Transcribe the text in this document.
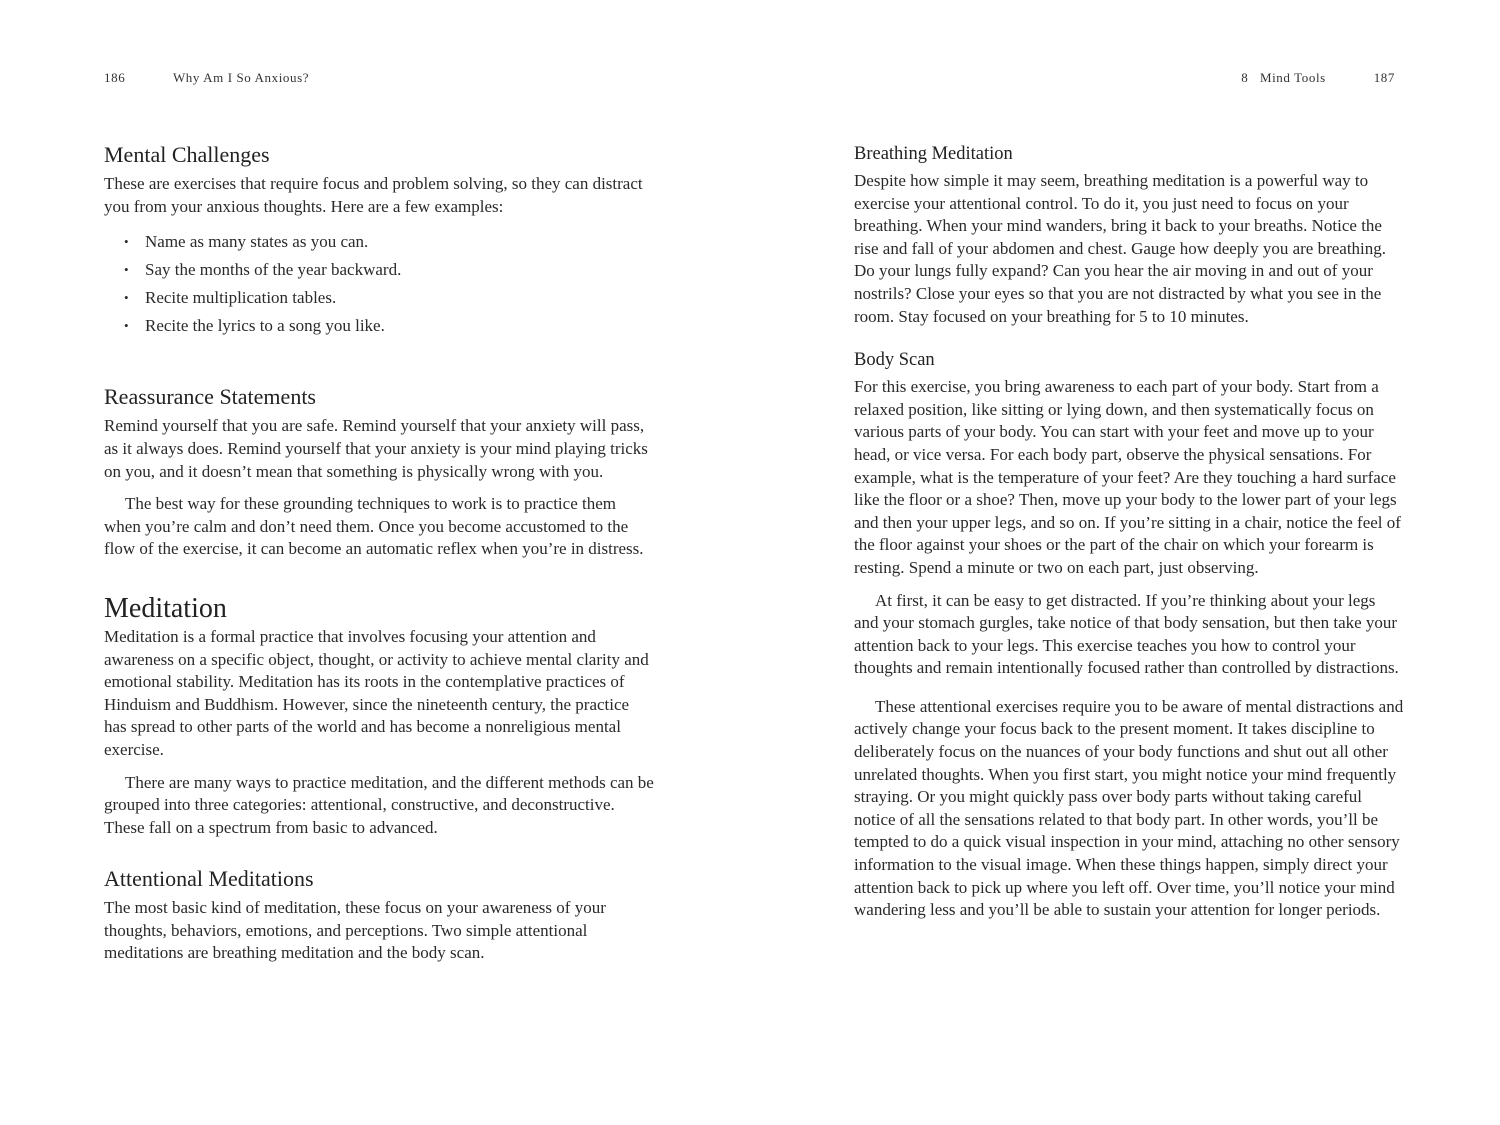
186	Why Am I So Anxious?
Mental Challenges

These are exercises that require focus and problem solving, so they can distract you from your anxious thoughts. Here are a few examples:

• Name as many states as you can.
• Say the months of the year backward.
• Recite multiplication tables.
• Recite the lyrics to a song you like.
Reassurance Statements

Remind yourself that you are safe. Remind yourself that your anxiety will pass, as it always does. Remind yourself that your anxiety is your mind playing tricks on you, and it doesn’t mean that something is physically wrong with you.

The best way for these grounding techniques to work is to practice them when you’re calm and don’t need them. Once you become accustomed to the flow of the exercise, it can become an automatic reflex when you’re in distress.

Meditation

Meditation is a formal practice that involves focusing your attention and awareness on a specific object, thought, or activity to achieve mental clarity and emotional stability. Meditation has its roots in the contemplative practices of Hinduism and Buddhism. However, since the nineteenth century, the practice has spread to other parts of the world and has become a nonreligious mental exercise.

There are many ways to practice meditation, and the different methods can be grouped into three categories: attentional, constructive, and deconstructive. These fall on a spectrum from basic to advanced.

Attentional Meditations

The most basic kind of meditation, these focus on your awareness of your thoughts, behaviors, emotions, and perceptions. Two simple attentional meditations are breathing meditation and the body scan.

8 Mind Tools	187
Breathing Meditation

Despite how simple it may seem, breathing meditation is a powerful way to exercise your attentional control. To do it, you just need to focus on your breathing. When your mind wanders, bring it back to your breaths. Notice the rise and fall of your abdomen and chest. Gauge how deeply you are breathing. Do your lungs fully expand? Can you hear the air moving in and out of your nostrils? Close your eyes so that you are not distracted by what you see in the room. Stay focused on your breathing for 5 to 10 minutes.

Body Scan

For this exercise, you bring awareness to each part of your body. Start from a relaxed position, like sitting or lying down, and then systematically focus on various parts of your body. You can start with your feet and move up to your head, or vice versa. For each body part, observe the physical sensations. For example, what is the temperature of your feet? Are they touching a hard surface like the floor or a shoe? Then, move up your body to the lower part of your legs and then your upper legs, and so on. If you’re sitting in a chair, notice the feel of the floor against your shoes or the part of the chair on which your forearm is resting. Spend a minute or two on each part, just observing.

At first, it can be easy to get distracted. If you’re thinking about your legs and your stomach gurgles, take notice of that body sensation, but then take your attention back to your legs. This exercise teaches you how to control your thoughts and remain intentionally focused rather than controlled by distractions.

These attentional exercises require you to be aware of mental distractions and actively change your focus back to the present moment. It takes discipline to deliberately focus on the nuances of your body functions and shut out all other unrelated thoughts. When you first start, you might notice your mind frequently straying. Or you might quickly pass over body parts without taking careful notice of all the sensations related to that body part. In other words, you’ll be tempted to do a quick visual inspection in your mind, attaching no other sensory information to the visual image. When these things happen, simply direct your attention back to pick up where you left off. Over time, you’ll notice your mind wandering less and you’ll be able to sustain your attention for longer periods.
